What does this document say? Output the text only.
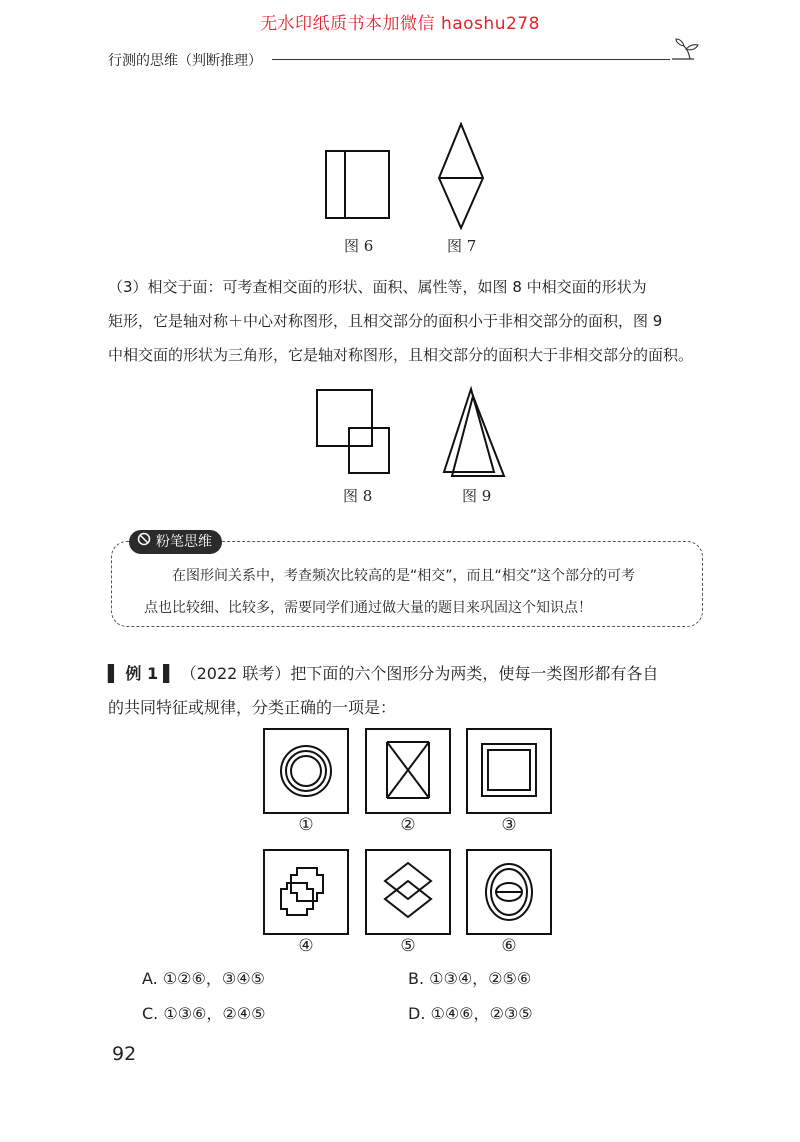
无水印纸质书本加微信 haoshu278
行测的思维（判断推理）
图 6	图 7

（3）相交于面：可考查相交面的形状、面积、属性等，如图 8 中相交面的形状为

矩形，它是轴对称＋中心对称图形，且相交部分的面积小于非相交部分的面积，图 9

中相交面的形状为三角形，它是轴对称图形，且相交部分的面积大于非相交部分的面积。

图 8	图 9
粉笔思维

在图形间关系中，考查频次比较高的是“相交”，而且“相交”这个部分的可考

点也比较细、比较多，需要同学们通过做大量的题目来巩固这个知识点！

▌ 例 1 ▌ （2022 联考）把下面的六个图形分为两类，使每一类图形都有各自

的共同特征或规律，分类正确的一项是：

①	②	③
④	⑤	⑥
A. ①②⑥，③④⑤	B. ①③④，②⑤⑥
C. ①③⑥，②④⑤	D. ①④⑥，②③⑤
92
